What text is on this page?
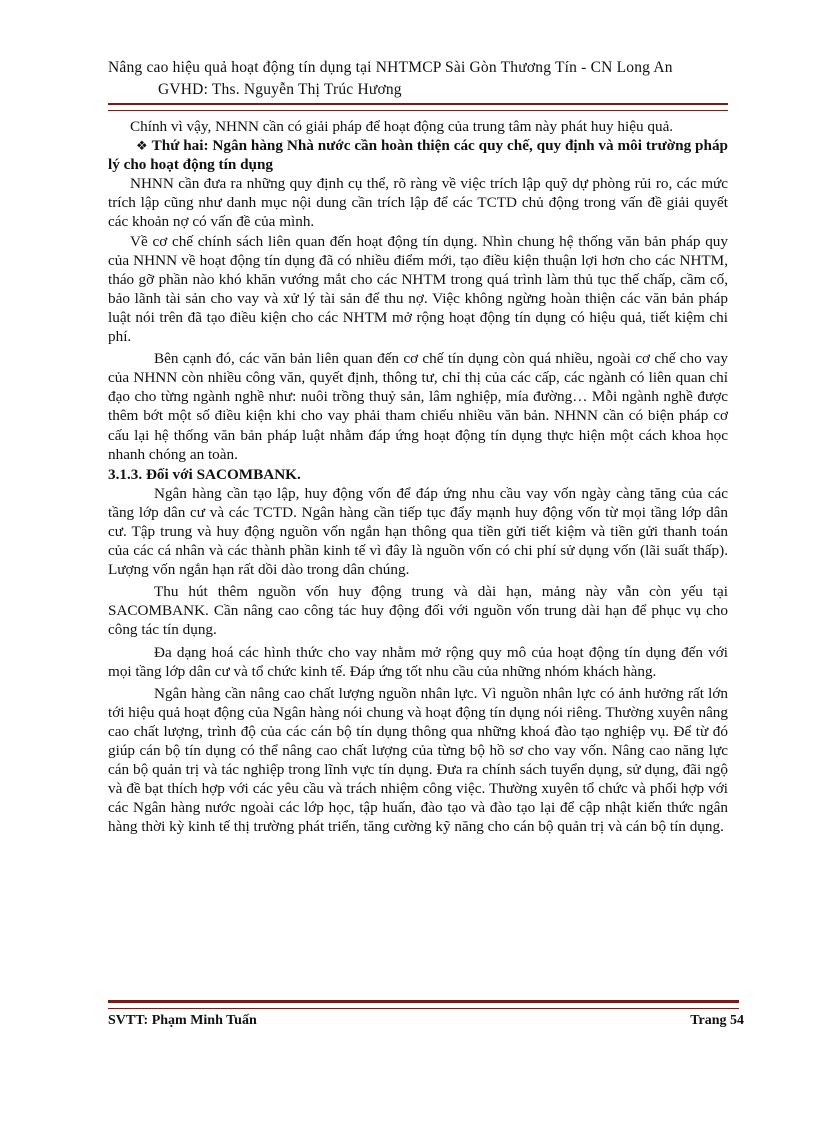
Nâng cao hiệu quả hoạt động tín dụng tại NHTMCP Sài Gòn Thương Tín - CN Long An
GVHD: Ths. Nguyễn Thị Trúc Hương

Chính vì vậy, NHNN cần có giải pháp để hoạt động của trung tâm này phát huy hiệu quả.

❖ Thứ hai: Ngân hàng Nhà nước cần hoàn thiện các quy chế, quy định và môi trường pháp lý cho hoạt động tín dụng

NHNN cần đưa ra những quy định cụ thể, rõ ràng về việc trích lập quỹ dự phòng rủi ro, các mức trích lập cũng như danh mục nội dung cần trích lập để các TCTD chủ động trong vấn đề giải quyết các khoản nợ có vấn đề của mình.

Về cơ chế chính sách liên quan đến hoạt động tín dụng. Nhìn chung hệ thống văn bản pháp quy của NHNN về hoạt động tín dụng đã có nhiều điểm mới, tạo điều kiện thuận lợi hơn cho các NHTM, tháo gỡ phần nào khó khăn vướng mắt cho các NHTM trong quá trình làm thủ tục thế chấp, cầm cố, bảo lãnh tài sản cho vay và xử lý tài sản để thu nợ. Việc không ngừng hoàn thiện các văn bản pháp luật nói trên đã tạo điều kiện cho các NHTM mở rộng hoạt động tín dụng có hiệu quả, tiết kiệm chi phí.

Bên cạnh đó, các văn bản liên quan đến cơ chế tín dụng còn quá nhiều, ngoài cơ chế cho vay của NHNN còn nhiều công văn, quyết định, thông tư, chỉ thị của các cấp, các ngành có liên quan chỉ đạo cho từng ngành nghề như: nuôi trồng thuỷ sản, lâm nghiệp, mía đường… Mỗi ngành nghề được thêm bớt một số điều kiện khi cho vay phải tham chiếu nhiều văn bản. NHNN cần có biện pháp cơ cấu lại hệ thống văn bản pháp luật nhằm đáp ứng hoạt động tín dụng thực hiện một cách khoa học nhanh chóng an toàn.

3.1.3. Đối với SACOMBANK.

Ngân hàng cần tạo lập, huy động vốn để đáp ứng nhu cầu vay vốn ngày càng tăng của các tầng lớp dân cư và các TCTD. Ngân hàng cần tiếp tục đẩy mạnh huy động vốn từ mọi tầng lớp dân cư. Tập trung và huy động nguồn vốn ngắn hạn thông qua tiền gửi tiết kiệm và tiền gửi thanh toán của các cá nhân và các thành phần kinh tế vì đây là nguồn vốn có chi phí sử dụng vốn (lãi suất thấp). Lượng vốn ngắn hạn rất dồi dào trong dân chúng.

Thu hút thêm nguồn vốn huy động trung và dài hạn, mảng này vẫn còn yếu tại SACOMBANK. Cần nâng cao công tác huy động đối với nguồn vốn trung dài hạn để phục vụ cho công tác tín dụng.

Đa dạng hoá các hình thức cho vay nhằm mở rộng quy mô của hoạt động tín dụng đến với mọi tầng lớp dân cư và tổ chức kinh tế. Đáp ứng tốt nhu cầu của những nhóm khách hàng.

Ngân hàng cần nâng cao chất lượng nguồn nhân lực. Vì nguồn nhân lực có ảnh hưởng rất lớn tới hiệu quả hoạt động của Ngân hàng nói chung và hoạt động tín dụng nói riêng. Thường xuyên nâng cao chất lượng, trình độ của các cán bộ tín dụng thông qua những khoá đào tạo nghiệp vụ. Để từ đó giúp cán bộ tín dụng có thể nâng cao chất lượng của từng bộ hồ sơ cho vay vốn. Nâng cao năng lực cán bộ quản trị và tác nghiệp trong lĩnh vực tín dụng. Đưa ra chính sách tuyển dụng, sử dụng, đãi ngộ và đề bạt thích hợp với các yêu cầu và trách nhiệm công việc. Thường xuyên tổ chức và phối hợp với các Ngân hàng nước ngoài các lớp học, tập huấn, đào tạo và đào tạo lại để cập nhật kiến thức ngân hàng thời kỳ kinh tế thị trường phát triển, tăng cường kỹ năng cho cán bộ quản trị và cán bộ tín dụng.

SVTT: Phạm Minh Tuấn	Trang 54
